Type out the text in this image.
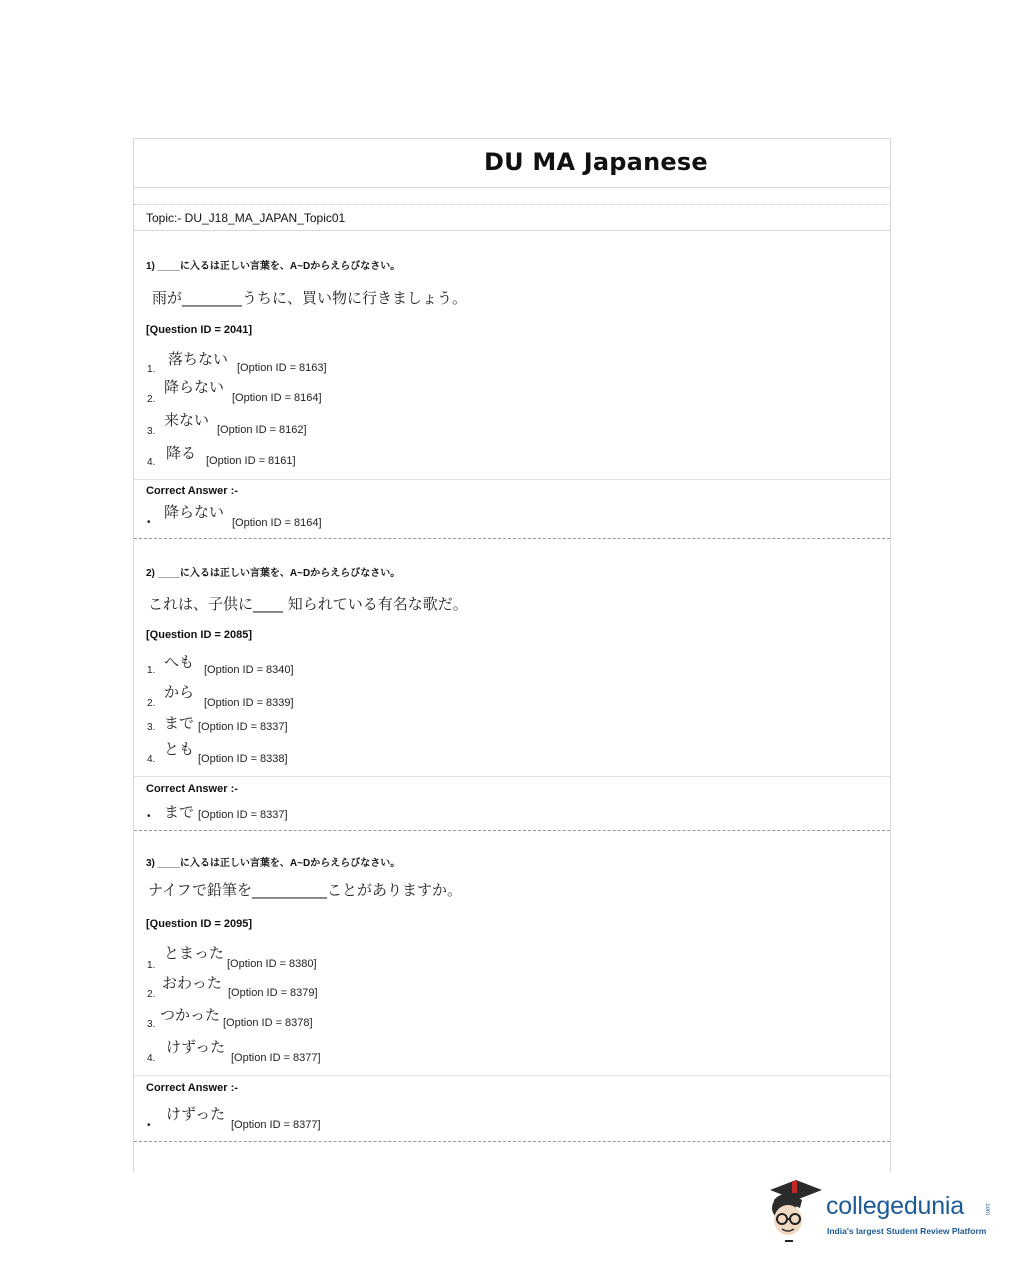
DU MA Japanese
Topic:- DU_J18_MA_JAPAN_Topic01
1) ____に入るは正しい言葉を、A~Dからえらびなさい。
雨が________うちに、買い物に行きましょう。
[Question ID = 2041]
1.
落ちない [Option ID = 8163]
2.
降らない
[Option ID = 8164]
3.
来ない
[Option ID = 8162]
4.
降る [Option ID = 8161]
Correct Answer :-
•
降らない
[Option ID = 8164]
2) ____に入るは正しい言葉を、A~Dからえらびなさい。
これは、子供に____ 知られている有名な歌だ。
[Question ID = 2085]
1. へも [Option ID = 8340]
2.
から
[Option ID = 8339]
3. まで [Option ID = 8337]
4.
とも
[Option ID = 8338]
Correct Answer :-
• まで [Option ID = 8337]
3) ____に入るは正しい言葉を、A~Dからえらびなさい。
ナイフで鉛筆を__________ことがありますか。
[Question ID = 2095]
1.
とまった
[Option ID = 8380]
2.
おわった
[Option ID = 8379]
3.
つかった [Option ID = 8378]
4.
けずった
[Option ID = 8377]
Correct Answer :-
•
けずった
[Option ID = 8377]
collegedunia	.com
India's largest Student Review Platform
